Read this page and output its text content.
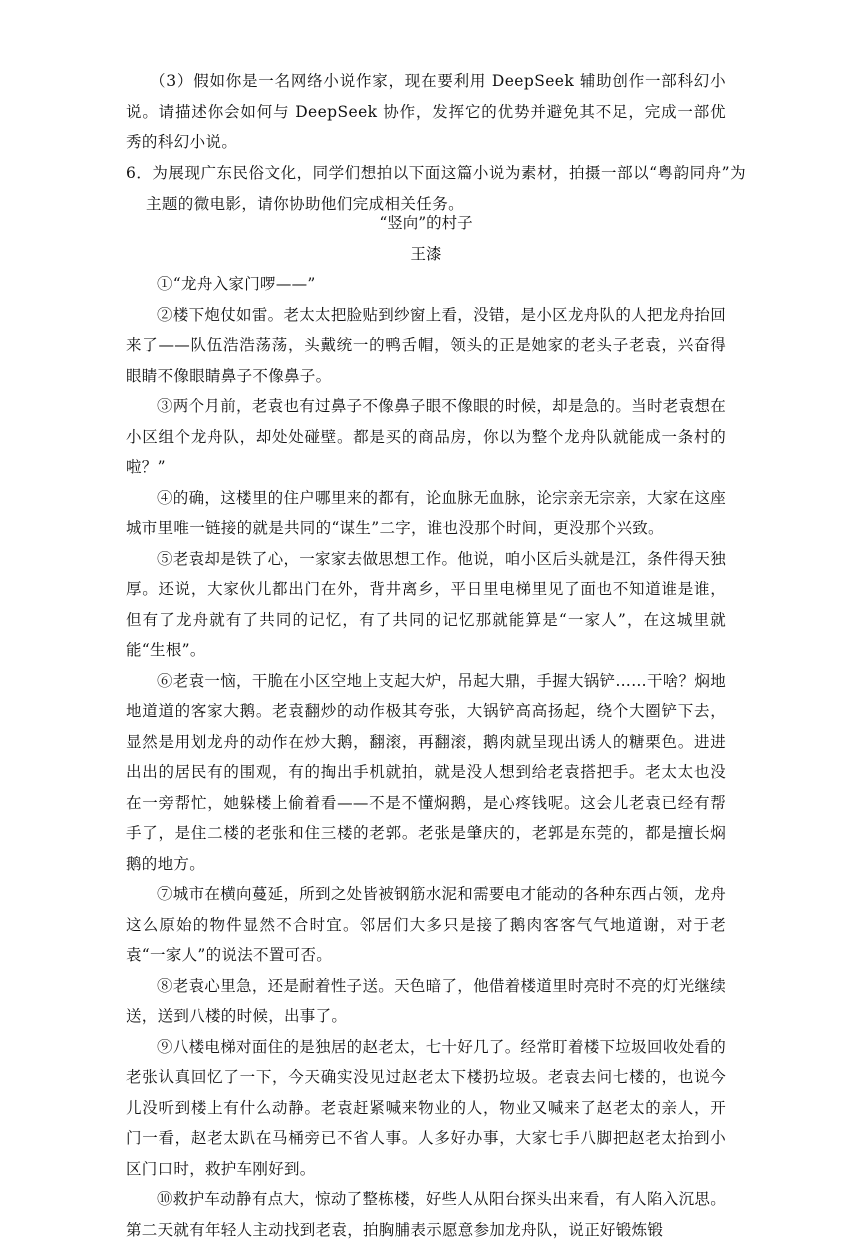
（3）假如你是一名网络小说作家，现在要利用 DeepSeek 辅助创作一部科幻小说。请描述你会如何与 DeepSeek 协作，发挥它的优势并避免其不足，完成一部优秀的科幻小说。
6．为展现广东民俗文化，同学们想拍以下面这篇小说为素材，拍摄一部以“粤韵同舟”为主题的微电影，请你协助他们完成相关任务。
“竖向”的村子
王漆

①“龙舟入家门啰——”

②楼下炮仗如雷。老太太把脸贴到纱窗上看，没错，是小区龙舟队的人把龙舟抬回来了——队伍浩浩荡荡，头戴统一的鸭舌帽，领头的正是她家的老头子老袁，兴奋得眼睛不像眼睛鼻子不像鼻子。

③两个月前，老袁也有过鼻子不像鼻子眼不像眼的时候，却是急的。当时老袁想在小区组个龙舟队，却处处碰壁。都是买的商品房，你以为整个龙舟队就能成一条村的啦？”

④的确，这楼里的住户哪里来的都有，论血脉无血脉，论宗亲无宗亲，大家在这座城市里唯一链接的就是共同的“谋生”二字，谁也没那个时间，更没那个兴致。

⑤老袁却是铁了心，一家家去做思想工作。他说，咱小区后头就是江，条件得天独厚。还说，大家伙儿都出门在外，背井离乡，平日里电梯里见了面也不知道谁是谁，但有了龙舟就有了共同的记忆，有了共同的记忆那就能算是“一家人”，在这城里就能“生根”。

⑥老袁一恼，干脆在小区空地上支起大炉，吊起大鼎，手握大锅铲……干啥？焖地地道道的客家大鹅。老袁翻炒的动作极其夸张，大锅铲高高扬起，绕个大圈铲下去，显然是用划龙舟的动作在炒大鹅，翻滚，再翻滚，鹅肉就呈现出诱人的糖栗色。进进出出的居民有的围观，有的掏出手机就拍，就是没人想到给老袁搭把手。老太太也没在一旁帮忙，她躲楼上偷着看——不是不懂焖鹅，是心疼钱呢。这会儿老袁已经有帮手了，是住二楼的老张和住三楼的老郭。老张是肇庆的，老郭是东莞的，都是擅长焖鹅的地方。

⑦城市在横向蔓延，所到之处皆被钢筋水泥和需要电才能动的各种东西占领，龙舟这么原始的物件显然不合时宜。邻居们大多只是接了鹅肉客客气气地道谢，对于老袁“一家人”的说法不置可否。

⑧老袁心里急，还是耐着性子送。天色暗了，他借着楼道里时亮时不亮的灯光继续送，送到八楼的时候，出事了。

⑨八楼电梯对面住的是独居的赵老太，七十好几了。经常盯着楼下垃圾回收处看的老张认真回忆了一下，今天确实没见过赵老太下楼扔垃圾。老袁去问七楼的，也说今儿没听到楼上有什么动静。老袁赶紧喊来物业的人，物业又喊来了赵老太的亲人，开门一看，赵老太趴在马桶旁已不省人事。人多好办事，大家七手八脚把赵老太抬到小区门口时，救护车刚好到。

⑩救护车动静有点大，惊动了整栋楼，好些人从阳台探头出来看，有人陷入沉思。第二天就有年轻人主动找到老袁，拍胸脯表示愿意参加龙舟队，说正好锻炼锻
